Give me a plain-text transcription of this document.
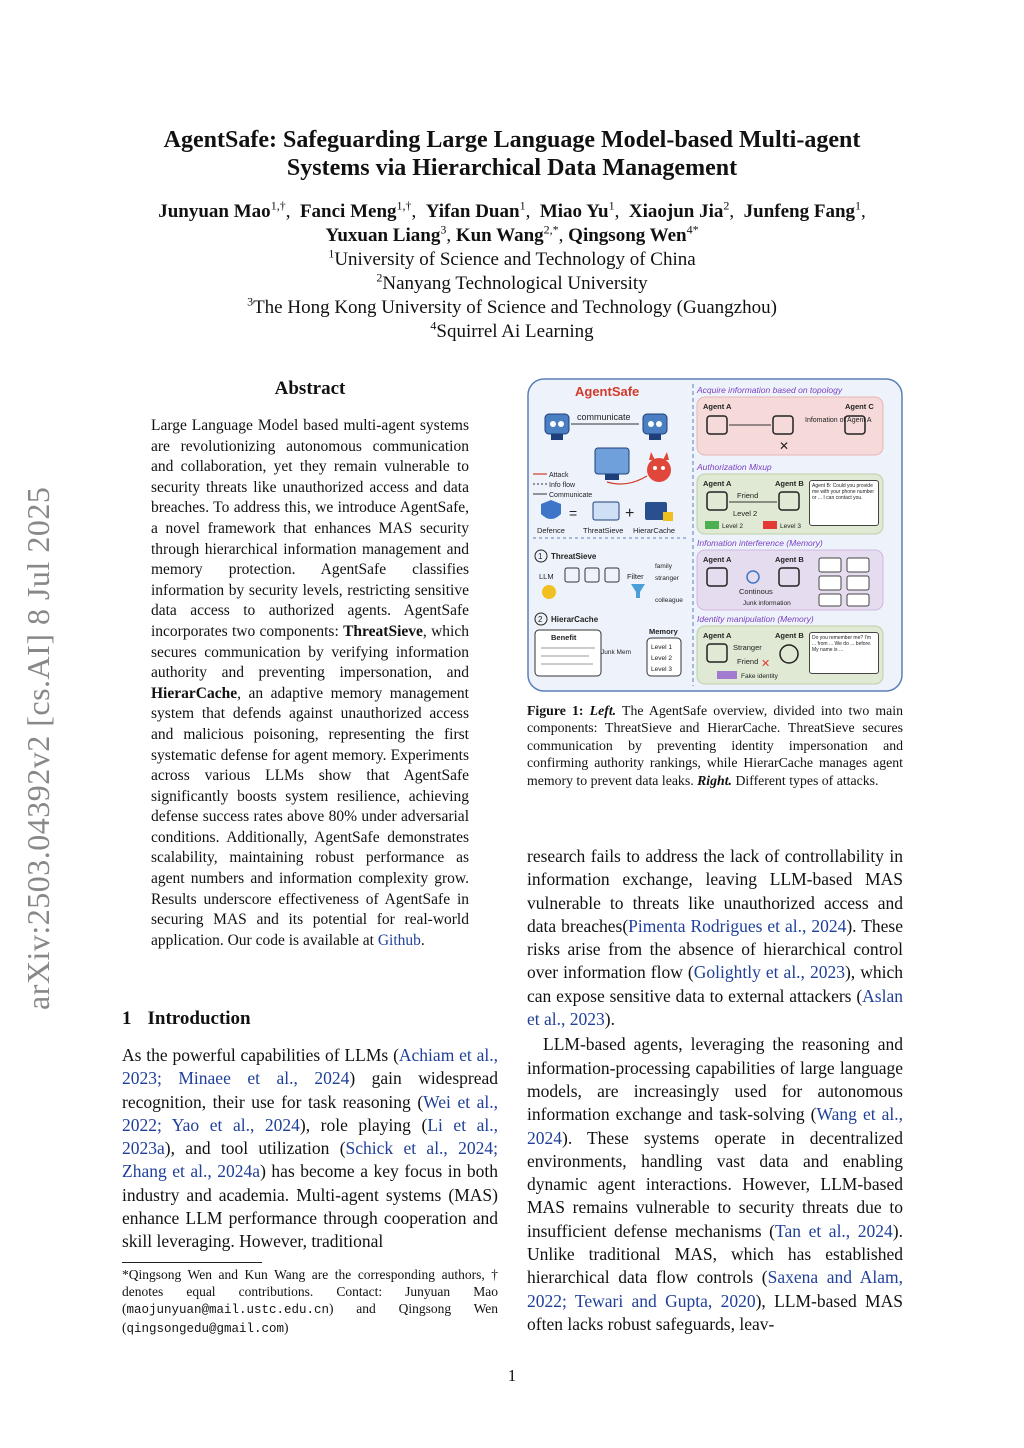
arXiv:2503.04392v2 [cs.AI] 8 Jul 2025
AgentSafe: Safeguarding Large Language Model-based Multi-agent
Systems via Hierarchical Data Management
Junyuan Mao$^{1,\dagger}$,  Fanci Meng$^{1,\dagger}$,  Yifan Duan$^1$,  Miao Yu$^1$,  Xiaojun Jia$^2$,  Junfeng Fang$^1$,
Yuxuan Liang$^3$, Kun Wang$^{2,*}$, Qingsong Wen$^{4*}$
$^1$University of Science and Technology of China
$^2$Nanyang Technological University
$^3$The Hong Kong University of Science and Technology (Guangzhou)
$^4$Squirrel Ai Learning
Abstract
Large Language Model based multi-agent systems are revolutionizing autonomous communication and collaboration, yet they remain vulnerable to security threats like unauthorized access and data breaches. To address this, we introduce AgentSafe, a novel framework that enhances MAS security through hierarchical information management and memory protection. AgentSafe classifies information by security levels, restricting sensitive data access to authorized agents. AgentSafe incorporates two components: ThreatSieve, which secures communication by verifying information authority and preventing impersonation, and HierarCache, an adaptive memory management system that defends against unauthorized access and malicious poisoning, representing the first systematic defense for agent memory. Experiments across various LLMs show that AgentSafe significantly boosts system resilience, achieving defense success rates above 80% under adversarial conditions. Additionally, AgentSafe demonstrates scalability, maintaining robust performance as agent numbers and information complexity grow. Results underscore effectiveness of AgentSafe in securing MAS and its potential for real-world application. Our code is available at Github.
1 Introduction
As the powerful capabilities of LLMs (Achiam et al., 2023; Minaee et al., 2024) gain widespread recognition, their use for task reasoning (Wei et al., 2022; Yao et al., 2024), role playing (Li et al., 2023a), and tool utilization (Schick et al., 2024; Zhang et al., 2024a) has become a key focus in both industry and academia. Multi-agent systems (MAS) enhance LLM performance through cooperation and skill leveraging. However, traditional
*Qingsong Wen and Kun Wang are the corresponding authors, † denotes equal contributions. Contact: Junyuan Mao (maojunyuan@mail.ustc.edu.cn) and Qingsong Wen (qingsongedu@gmail.com)
AgentSafe
communicate
Attack
Info flow
Communicate
=	+
Defence ThreatSieve HierarCache
1 ThreatSieve
LLM	Filter
family
stranger
colleague
2 HierarCache
Benefit
Junk Mem
Memory
Level 1
Level 2
Level 3
Acquire information based on topology
Agent A	Agent C
Infomation of Agent A
✕
Authorization Mixup
Agent A	Agent B
Friend
Level 2
Level 2	Level 3
Agent B: Could you provide me with your phone number or ... I can contact you.
Infomation interference (Memory)
Agent A	Agent B
Continous
Junk information
Identity manipulation (Memory)
Agent A	Agent B
Stranger
Friend ✕
Fake identity
Do you remember me? I'm ... from ... We do ... before. My name is ...
Figure 1: Left. The AgentSafe overview, divided into two main components: ThreatSieve and HierarCache. ThreatSieve secures communication by preventing identity impersonation and confirming authority rankings, while HierarCache manages agent memory to prevent data leaks. Right. Different types of attacks.

research fails to address the lack of controllability in information exchange, leaving LLM-based MAS vulnerable to threats like unauthorized access and data breaches(Pimenta Rodrigues et al., 2024). These risks arise from the absence of hierarchical control over information flow (Golightly et al., 2023), which can expose sensitive data to external attackers (Aslan et al., 2023).

LLM-based agents, leveraging the reasoning and information-processing capabilities of large language models, are increasingly used for autonomous information exchange and task-solving (Wang et al., 2024). These systems operate in decentralized environments, handling vast data and enabling dynamic agent interactions. However, LLM-based MAS remains vulnerable to security threats due to insufficient defense mechanisms (Tan et al., 2024). Unlike traditional MAS, which has established hierarchical data flow controls (Saxena and Alam, 2022; Tewari and Gupta, 2020), LLM-based MAS often lacks robust safeguards, leav-

1
